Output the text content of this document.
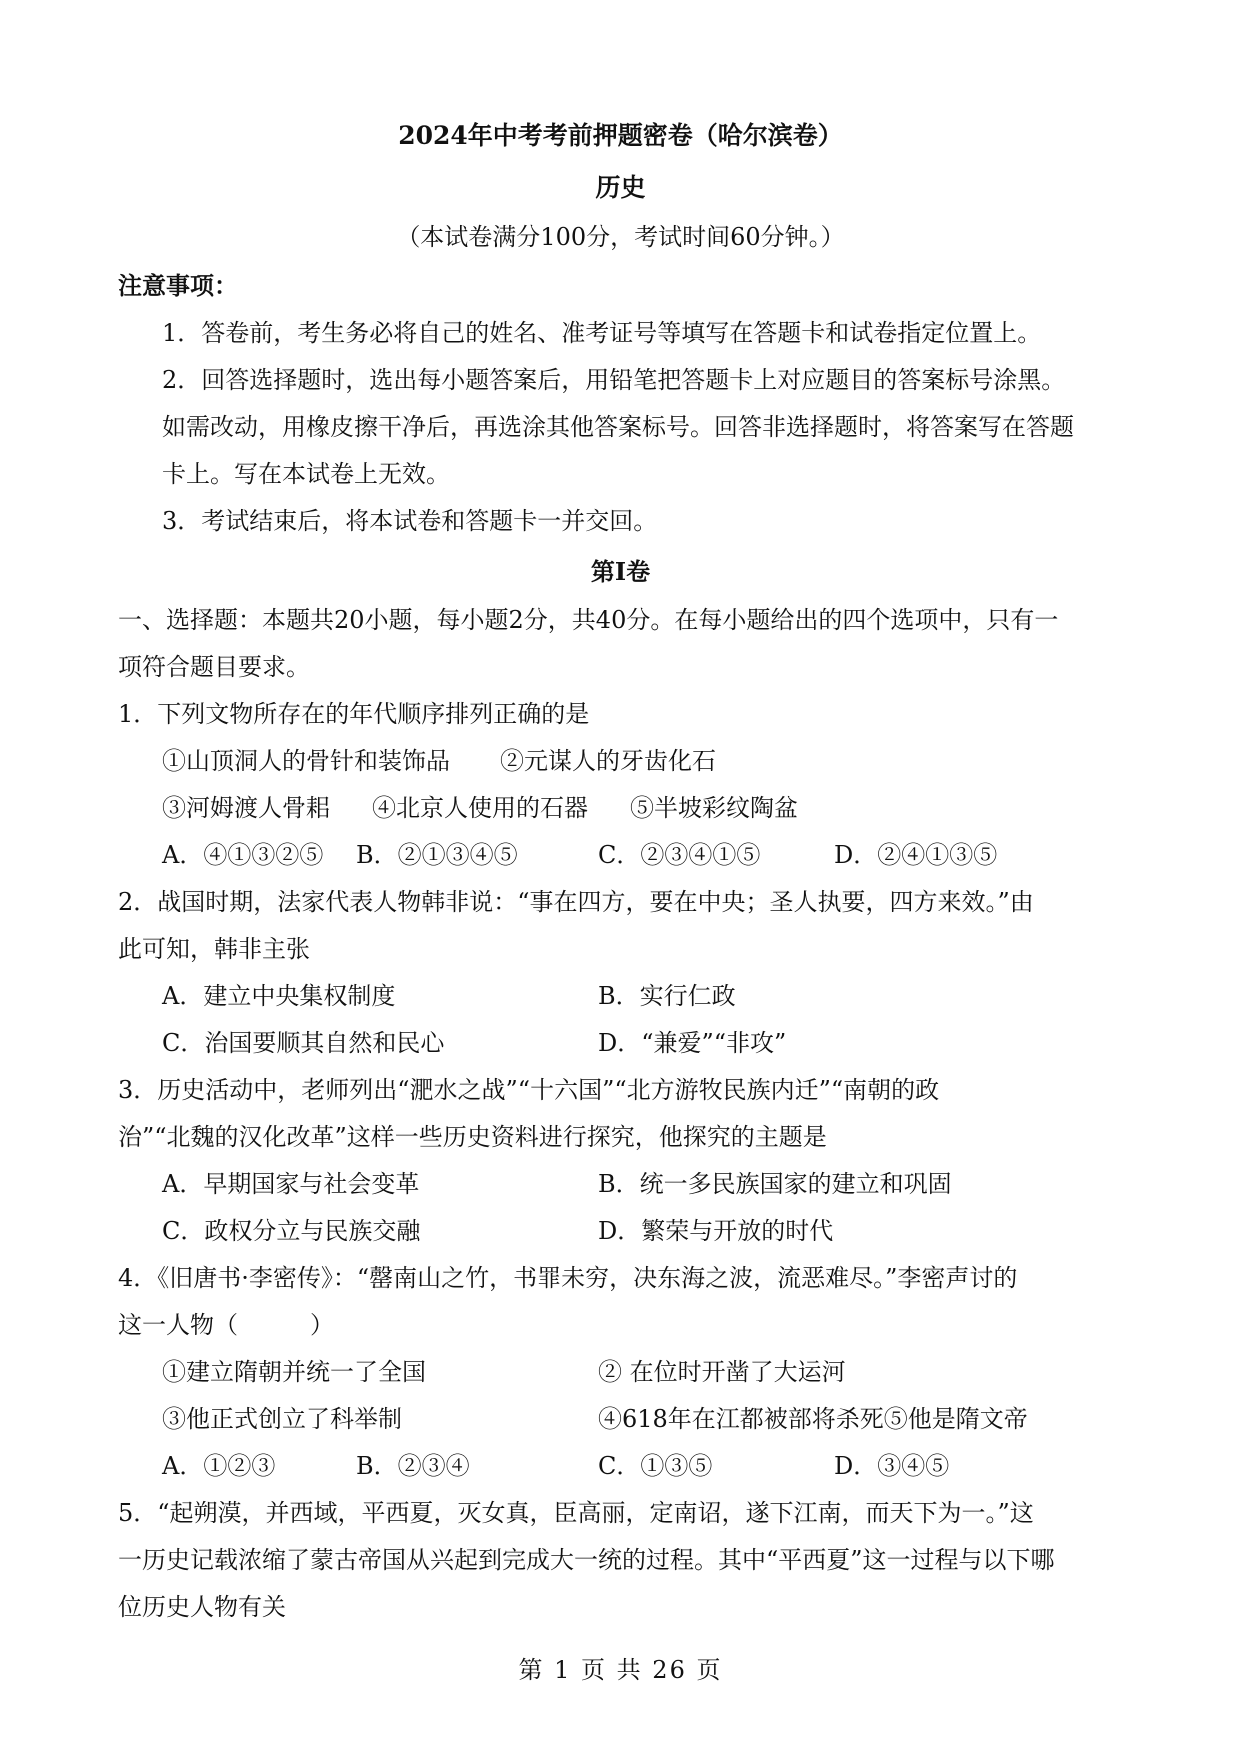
2024年中考考前押题密卷（哈尔滨卷）
历史
（本试卷满分100分，考试时间60分钟。）
注意事项：
1．答卷前，考生务必将自己的姓名、准考证号等填写在答题卡和试卷指定位置上。
2．回答选择题时，选出每小题答案后，用铅笔把答题卡上对应题目的答案标号涂黑。
如需改动，用橡皮擦干净后，再选涂其他答案标号。回答非选择题时，将答案写在答题
卡上。写在本试卷上无效。
3．考试结束后，将本试卷和答题卡一并交回。
第Ⅰ卷
一、选择题：本题共20小题，每小题2分，共40分。在每小题给出的四个选项中，只有一
项符合题目要求。
1．下列文物所存在的年代顺序排列正确的是
①山顶洞人的骨针和装饰品 ②元谋人的牙齿化石
③河姆渡人骨耜 ④北京人使用的石器 ⑤半坡彩纹陶盆
A．④①③②⑤ B．②①③④⑤	C．②③④①⑤	D．②④①③⑤
2．战国时期，法家代表人物韩非说：“事在四方，要在中央；圣人执要，四方来效。”由
此可知，韩非主张
A．建立中央集权制度	B．实行仁政
C．治国要顺其自然和民心	D．“兼爱”“非攻”
3．历史活动中，老师列出“淝水之战”“十六国”“北方游牧民族内迁”“南朝的政
治”“北魏的汉化改革”这样一些历史资料进行探究，他探究的主题是
A．早期国家与社会变革	B．统一多民族国家的建立和巩固
C．政权分立与民族交融	D．繁荣与开放的时代
4．《旧唐书·李密传》：“罄南山之竹，书罪未穷，决东海之波，流恶难尽。”李密声讨的
这一人物（　　　）
①建立隋朝并统一了全国	② 在位时开凿了大运河
③他正式创立了科举制	④618年在江都被部将杀死⑤他是隋文帝
A．①②③	B．②③④	C．①③⑤	D．③④⑤
5．“起朔漠，并西域，平西夏，灭女真，臣高丽，定南诏，遂下江南，而天下为一。”这
一历史记载浓缩了蒙古帝国从兴起到完成大一统的过程。其中“平西夏”这一过程与以下哪
位历史人物有关
第 1 页 共 26 页
